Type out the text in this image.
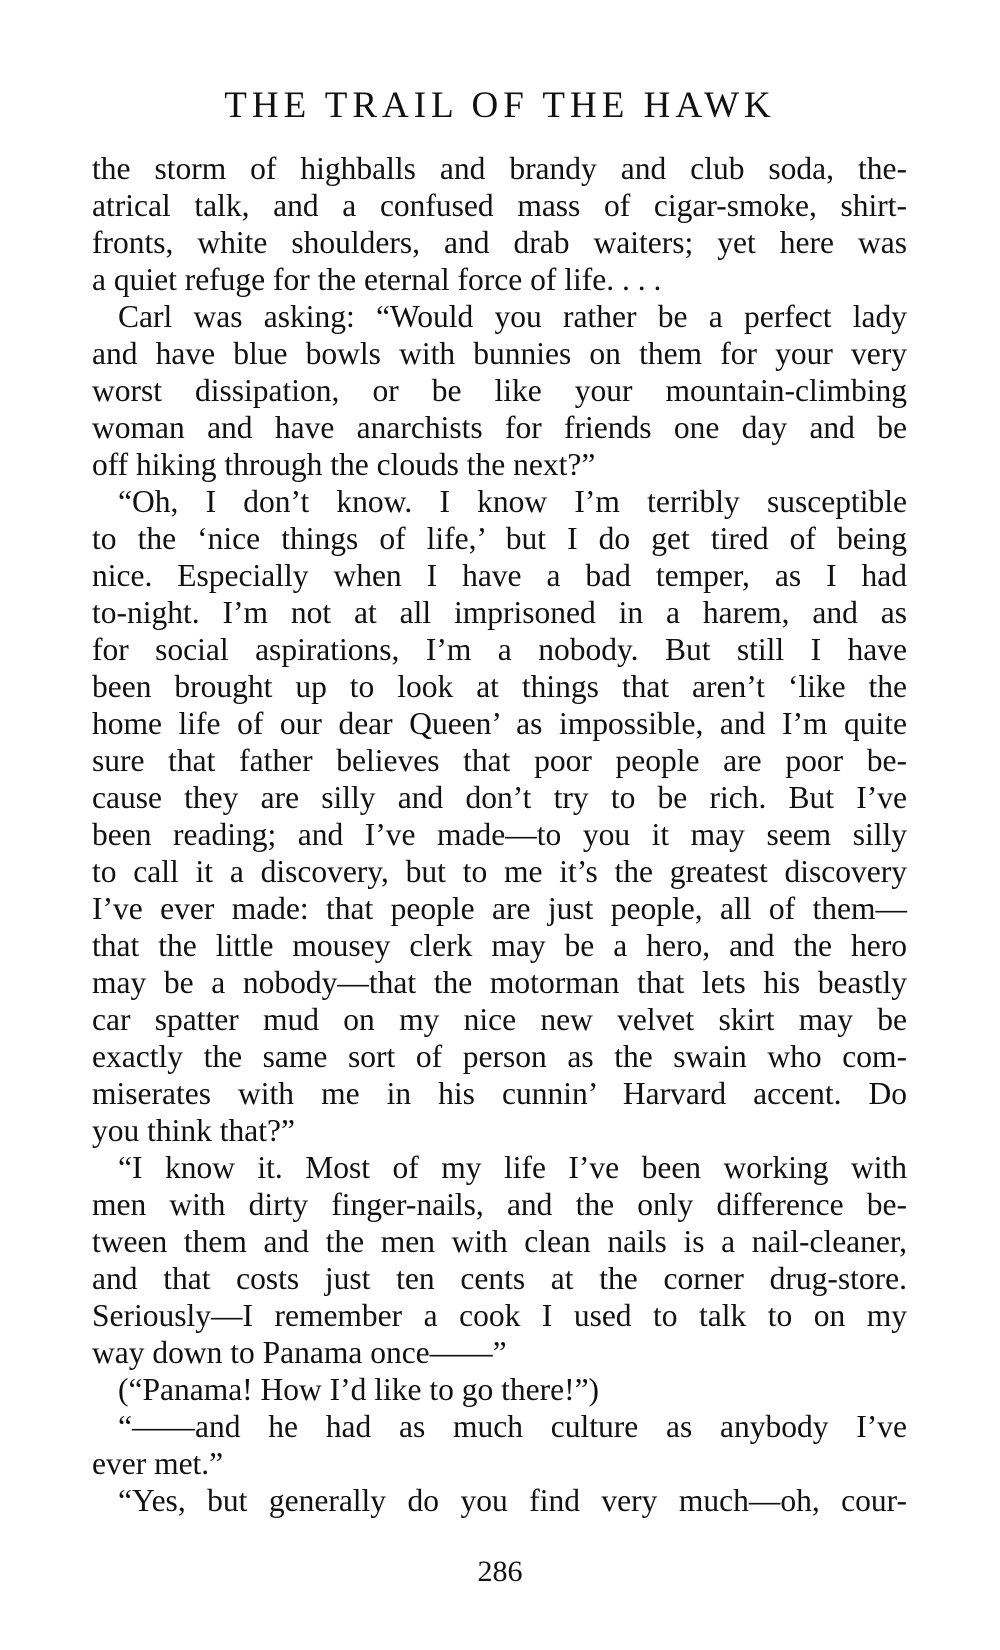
THE TRAIL OF THE HAWK
the storm of highballs and brandy and club soda, the-
atrical talk, and a confused mass of cigar-smoke, shirt-
fronts, white shoulders, and drab waiters; yet here was
a quiet refuge for the eternal force of life. . . .
Carl was asking: “Would you rather be a perfect lady
and have blue bowls with bunnies on them for your very
worst dissipation, or be like your mountain-climbing
woman and have anarchists for friends one day and be
off hiking through the clouds the next?”
“Oh, I don’t know. I know I’m terribly susceptible
to the ‘nice things of life,’ but I do get tired of being
nice. Especially when I have a bad temper, as I had
to-night. I’m not at all imprisoned in a harem, and as
for social aspirations, I’m a nobody. But still I have
been brought up to look at things that aren’t ‘like the
home life of our dear Queen’ as impossible, and I’m quite
sure that father believes that poor people are poor be-
cause they are silly and don’t try to be rich. But I’ve
been reading; and I’ve made—to you it may seem silly
to call it a discovery, but to me it’s the greatest discovery
I’ve ever made: that people are just people, all of them—
that the little mousey clerk may be a hero, and the hero
may be a nobody—that the motorman that lets his beastly
car spatter mud on my nice new velvet skirt may be
exactly the same sort of person as the swain who com-
miserates with me in his cunnin’ Harvard accent. Do
you think that?”
“I know it. Most of my life I’ve been working with
men with dirty finger-nails, and the only difference be-
tween them and the men with clean nails is a nail-cleaner,
and that costs just ten cents at the corner drug-store.
Seriously—I remember a cook I used to talk to on my
way down to Panama once——”
(“Panama! How I’d like to go there!”)
“——and he had as much culture as anybody I’ve
ever met.”
“Yes, but generally do you find very much—oh, cour-
286
